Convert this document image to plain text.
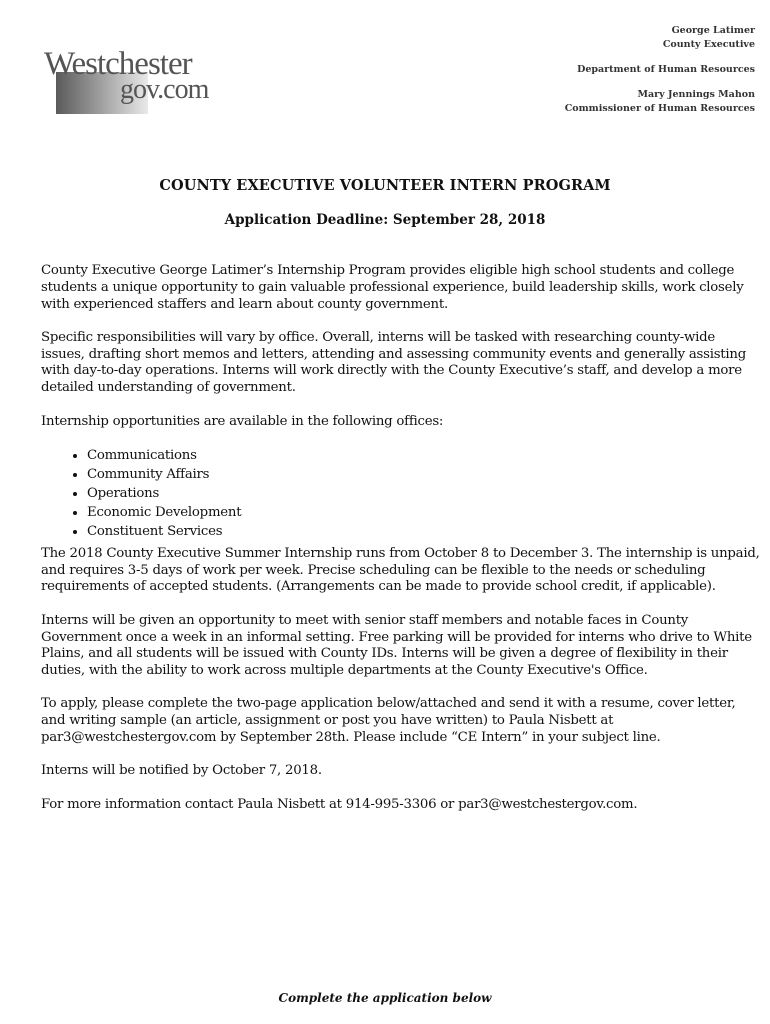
Westchester
gov.com
George Latimer
County Executive
Department of Human Resources
Mary Jennings Mahon
Commissioner of Human Resources
COUNTY EXECUTIVE VOLUNTEER INTERN PROGRAM
Application Deadline: September 28, 2018

County Executive George Latimer’s Internship Program provides eligible high school students and college students a unique opportunity to gain valuable professional experience, build leadership skills, work closely with experienced staffers and learn about county government.

Specific responsibilities will vary by office. Overall, interns will be tasked with researching county-wide issues, drafting short memos and letters, attending and assessing community events and generally assisting with day-to-day operations. Interns will work directly with the County Executive’s staff, and develop a more detailed understanding of government.

Internship opportunities are available in the following offices:

• Communications
• Community Affairs
• Operations
• Economic Development
• Constituent Services

The 2018 County Executive Summer Internship runs from October 8 to December 3. The internship is unpaid, and requires 3-5 days of work per week. Precise scheduling can be flexible to the needs or scheduling requirements of accepted students. (Arrangements can be made to provide school credit, if applicable).

Interns will be given an opportunity to meet with senior staff members and notable faces in County Government once a week in an informal setting. Free parking will be provided for interns who drive to White Plains, and all students will be issued with County IDs. Interns will be given a degree of flexibility in their duties, with the ability to work across multiple departments at the County Executive's Office.

To apply, please complete the two-page application below/attached and send it with a resume, cover letter, and writing sample (an article, assignment or post you have written) to Paula Nisbett at par3@westchestergov.com by September 28th. Please include “CE Intern” in your subject line.

Interns will be notified by October 7, 2018.

For more information contact Paula Nisbett at 914-995-3306 or par3@westchestergov.com.

Complete the application below
